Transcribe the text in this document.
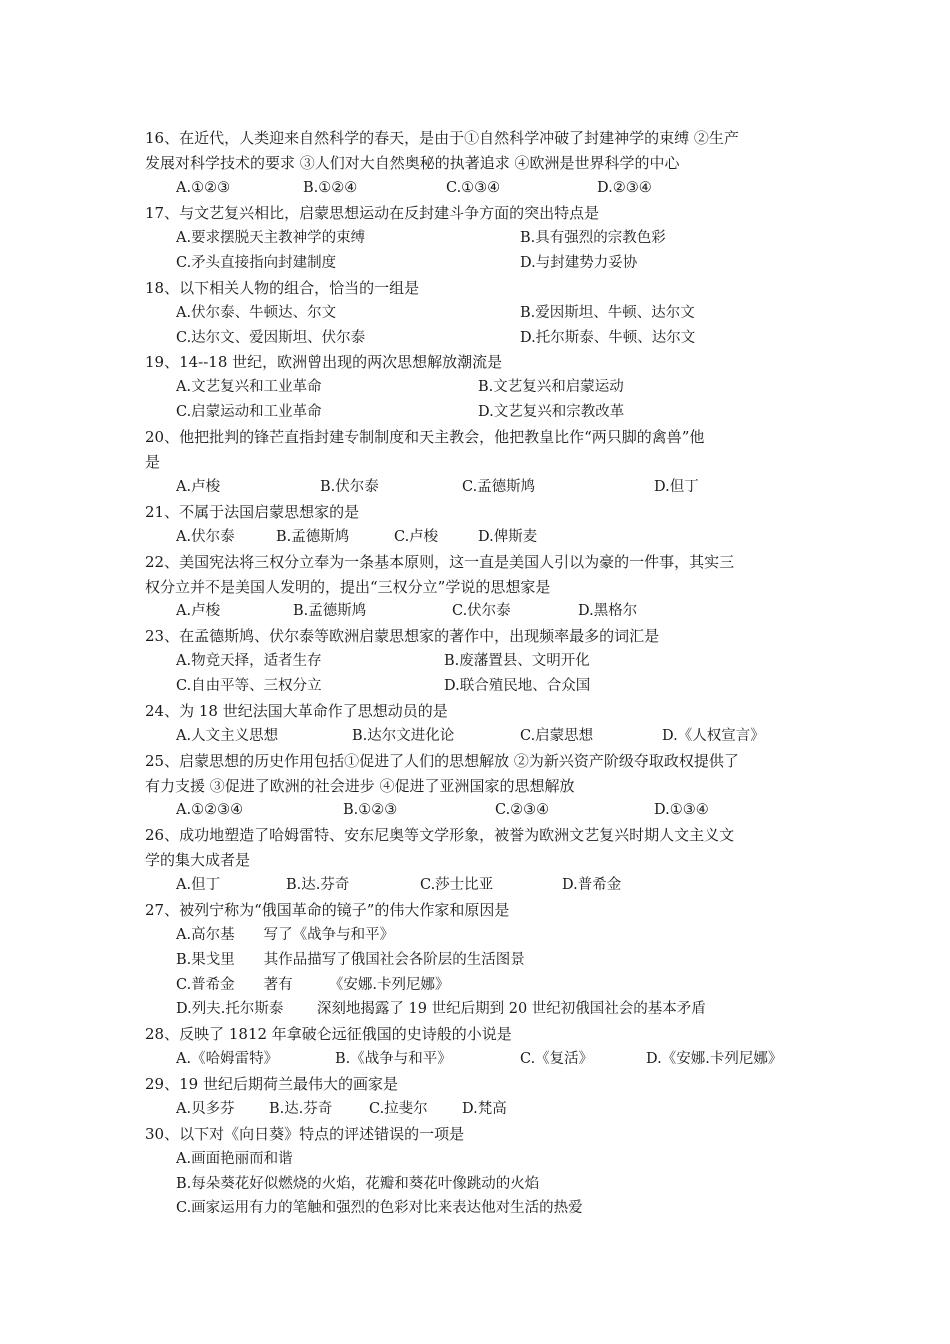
16、在近代，人类迎来自然科学的春天，是由于①自然科学冲破了封建神学的束缚 ②生产
发展对科学技术的要求 ③人们对大自然奥秘的执著追求 ④欧洲是世界科学的中心
A.①②③	B.①②④	C.①③④	D.②③④
17、与文艺复兴相比，启蒙思想运动在反封建斗争方面的突出特点是
A.要求摆脱天主教神学的束缚	B.具有强烈的宗教色彩
C.矛头直接指向封建制度	D.与封建势力妥协
18、以下相关人物的组合，恰当的一组是
A.伏尔泰、牛顿达、尔文	B.爱因斯坦、牛顿、达尔文
C.达尔文、爱因斯坦、伏尔泰	D.托尔斯泰、牛顿、达尔文
19、14--18 世纪，欧洲曾出现的两次思想解放潮流是
A.文艺复兴和工业革命	B.文艺复兴和启蒙运动
C.启蒙运动和工业革命	D.文艺复兴和宗教改革
20、他把批判的锋芒直指封建专制制度和天主教会，他把教皇比作“两只脚的禽兽”他
是
A.卢梭	B.伏尔泰	C.孟德斯鸠	D.但丁
21、不属于法国启蒙思想家的是
A.伏尔泰	B.孟德斯鸠	C.卢梭	D.俾斯麦
22、美国宪法将三权分立奉为一条基本原则，这一直是美国人引以为豪的一件事，其实三
权分立并不是美国人发明的，提出“三权分立”学说的思想家是
A.卢梭	B.孟德斯鸠	C.伏尔泰	D.黑格尔
23、在孟德斯鸠、伏尔泰等欧洲启蒙思想家的著作中，出现频率最多的词汇是
A.物竞天择，适者生存	B.废藩置县、文明开化
C.自由平等、三权分立	D.联合殖民地、合众国
24、为 18 世纪法国大革命作了思想动员的是
A.人文主义思想	B.达尔文进化论	C.启蒙思想	D.《人权宣言》
25、启蒙思想的历史作用包括①促进了人们的思想解放 ②为新兴资产阶级夺取政权提供了
有力支援 ③促进了欧洲的社会进步 ④促进了亚洲国家的思想解放
A.①②③④	B.①②③	C.②③④	D.①③④
26、成功地塑造了哈姆雷特、安东尼奥等文学形象，被誉为欧洲文艺复兴时期人文主义文
学的集大成者是
A.但丁	B.达.芬奇	C.莎士比亚	D.普希金
27、被列宁称为“俄国革命的镜子”的伟大作家和原因是
A.高尔基　　写了《战争与和平》
B.果戈里　　其作品描写了俄国社会各阶层的生活图景
C.普希金　　著有　　　《安娜.卡列尼娜》
D.列夫.托尔斯泰　　 深刻地揭露了 19 世纪后期到 20 世纪初俄国社会的基本矛盾
28、反映了 1812 年拿破仑远征俄国的史诗般的小说是
A.《哈姆雷特》	B.《战争与和平》	C.《复活》	D.《安娜.卡列尼娜》
29、19 世纪后期荷兰最伟大的画家是
A.贝多芬 B.达.芬奇	C.拉斐尔 D.梵高
30、以下对《向日葵》特点的评述错误的一项是
A.画面艳丽而和谐
B.每朵葵花好似燃烧的火焰，花瓣和葵花叶像跳动的火焰
C.画家运用有力的笔触和强烈的色彩对比来表达他对生活的热爱
